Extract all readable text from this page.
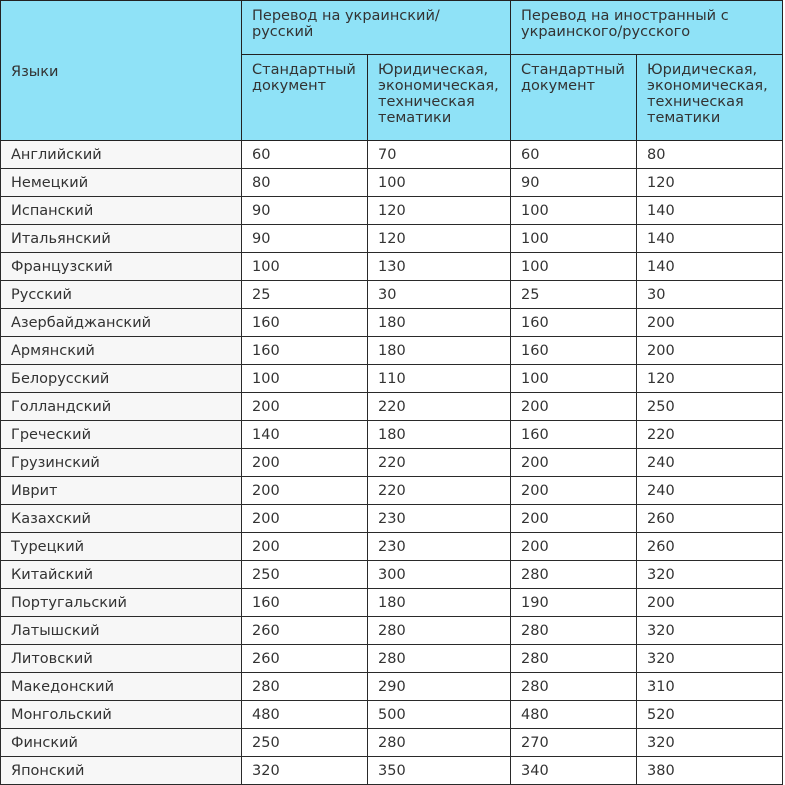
Языки	Перевод на украинский/ русский		Перевод на иностранный с украинского/русского	
	Стандартный документ	Юридическая, экономическая, техническая тематики	Стандартный документ	Юридическая, экономическая, техническая тематики
Английский	60	70	60	80
Немецкий	80	100	90	120
Испанский	90	120	100	140
Итальянский	90	120	100	140
Французский	100	130	100	140
Русский	25	30	25	30
Азербайджанский	160	180	160	200
Армянский	160	180	160	200
Белорусский	100	110	100	120
Голландский	200	220	200	250
Греческий	140	180	160	220
Грузинский	200	220	200	240
Иврит	200	220	200	240
Казахский	200	230	200	260
Турецкий	200	230	200	260
Китайский	250	300	280	320
Португальский	160	180	190	200
Латышский	260	280	280	320
Литовский	260	280	280	320
Македонский	280	290	280	310
Монгольский	480	500	480	520
Финский	250	280	270	320
Японский	320	350	340	380
